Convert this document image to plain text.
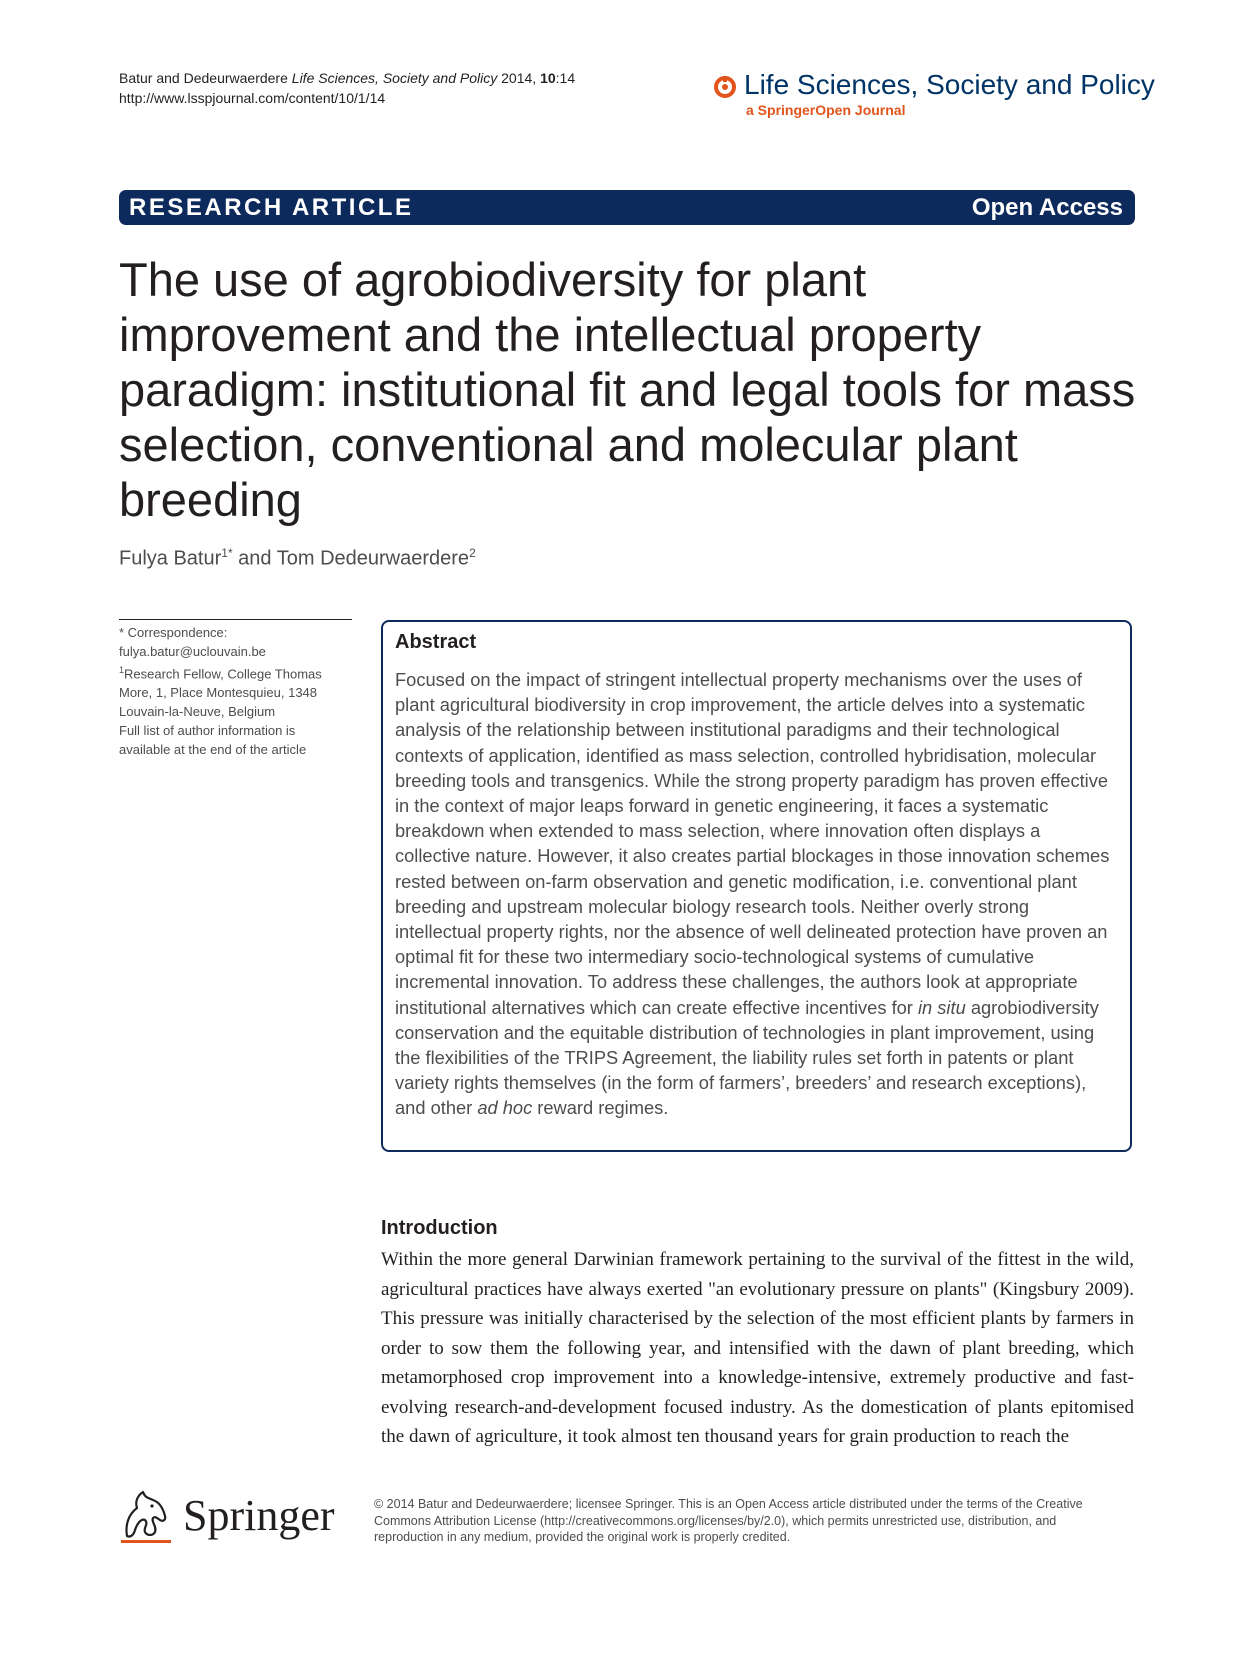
Batur and Dedeurwaerdere Life Sciences, Society and Policy 2014, 10:14
http://www.lsspjournal.com/content/10/1/14	Life Sciences, Society and Policy
a SpringerOpen Journal
RESEARCH ARTICLE	Open Access
The use of agrobiodiversity for plant improvement and the intellectual property paradigm: institutional fit and legal tools for mass selection, conventional and molecular plant breeding
Fulya Batur$^{1*}$ and Tom Dedeurwaerdere$^2$
* Correspondence:
fulya.batur@uclouvain.be
$^1$Research Fellow, College Thomas
More, 1, Place Montesquieu, 1348
Louvain-la-Neuve, Belgium
Full list of author information is
available at the end of the article
Abstract

Focused on the impact of stringent intellectual property mechanisms over the uses of plant agricultural biodiversity in crop improvement, the article delves into a systematic analysis of the relationship between institutional paradigms and their technological contexts of application, identified as mass selection, controlled hybridisation, molecular breeding tools and transgenics. While the strong property paradigm has proven effective in the context of major leaps forward in genetic engineering, it faces a systematic breakdown when extended to mass selection, where innovation often displays a collective nature. However, it also creates partial blockages in those innovation schemes rested between on-farm observation and genetic modification, i.e. conventional plant breeding and upstream molecular biology research tools. Neither overly strong intellectual property rights, nor the absence of well delineated protection have proven an optimal fit for these two intermediary socio-technological systems of cumulative incremental innovation. To address these challenges, the authors look at appropriate institutional alternatives which can create effective incentives for in situ agrobiodiversity conservation and the equitable distribution of technologies in plant improvement, using the flexibilities of the TRIPS Agreement, the liability rules set forth in patents or plant variety rights themselves (in the form of farmers’, breeders’ and research exceptions), and other ad hoc reward regimes.

Introduction

Within the more general Darwinian framework pertaining to the survival of the fittest in the wild, agricultural practices have always exerted "an evolutionary pressure on plants" (Kingsbury 2009). This pressure was initially characterised by the selection of the most efficient plants by farmers in order to sow them the following year, and intensified with the dawn of plant breeding, which metamorphosed crop improvement into a knowledge-intensive, extremely productive and fast-evolving research-and-development focused industry. As the domestication of plants epitomised the dawn of agriculture, it took almost ten thousand years for grain production to reach the

Springer	© 2014 Batur and Dedeurwaerdere; licensee Springer. This is an Open Access article distributed under the terms of the Creative
Commons Attribution License (http://creativecommons.org/licenses/by/2.0), which permits unrestricted use, distribution, and
reproduction in any medium, provided the original work is properly credited.
